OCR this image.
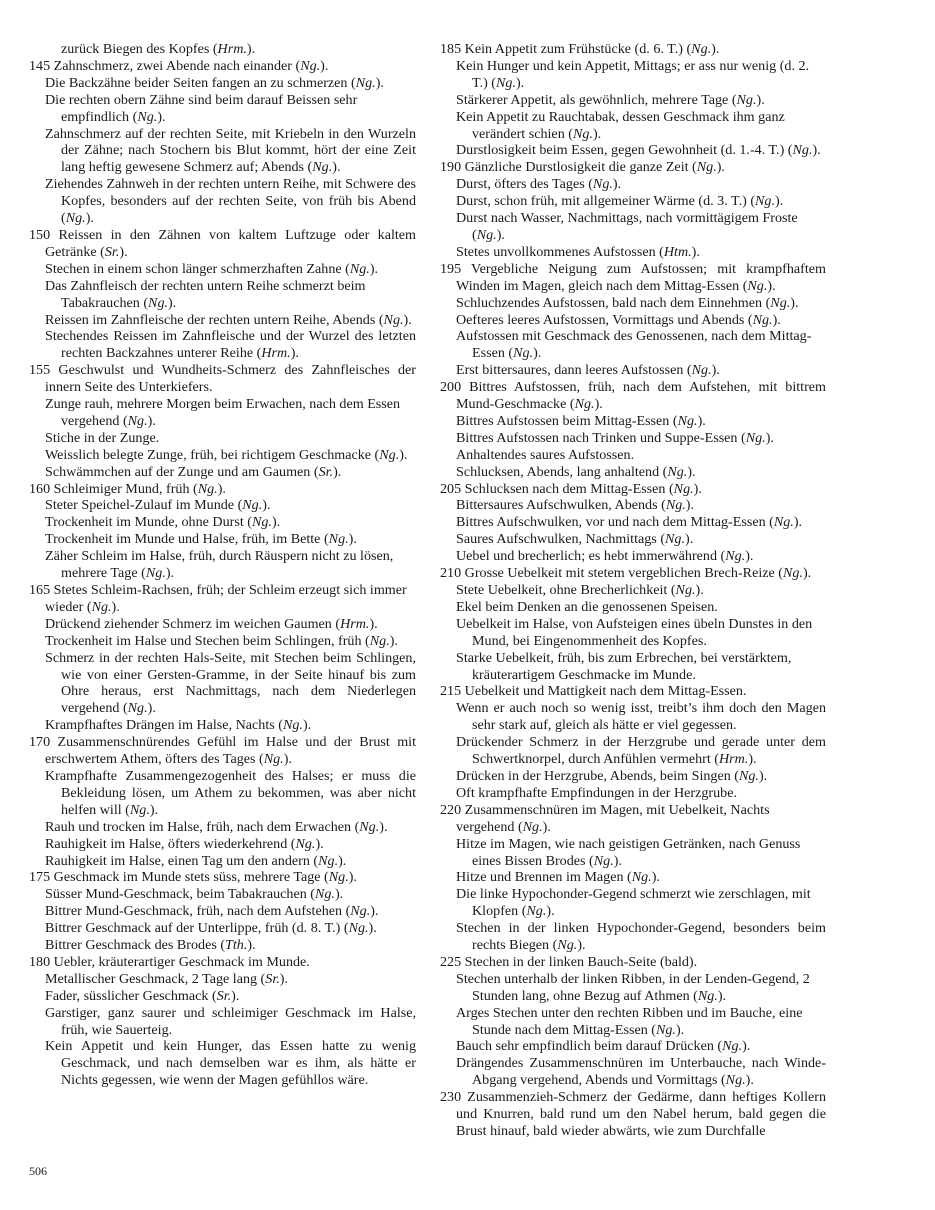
zurück Biegen des Kopfes (Hrm.).

145 Zahnschmerz, zwei Abende nach einander (Ng.).

Die Backzähne beider Seiten fangen an zu schmerzen (Ng.).

Die rechten obern Zähne sind beim darauf Beissen sehr empfindlich (Ng.).

Zahnschmerz auf der rechten Seite, mit Kriebeln in den Wurzeln der Zähne; nach Stochern bis Blut kommt, hört der eine Zeit lang heftig gewesene Schmerz auf; Abends (Ng.).

Ziehendes Zahnweh in der rechten untern Reihe, mit Schwere des Kopfes, besonders auf der rechten Seite, von früh bis Abend (Ng.).

150 Reissen in den Zähnen von kaltem Luftzuge oder kaltem Getränke (Sr.).

Stechen in einem schon länger schmerzhaften Zahne (Ng.).

Das Zahnfleisch der rechten untern Reihe schmerzt beim Tabakrauchen (Ng.).

Reissen im Zahnfleische der rechten untern Reihe, Abends (Ng.).

Stechendes Reissen im Zahnfleische und der Wurzel des letzten rechten Backzahnes unterer Reihe (Hrm.).

155 Geschwulst und Wundheits-Schmerz des Zahnfleisches der innern Seite des Unterkiefers.

Zunge rauh, mehrere Morgen beim Erwachen, nach dem Essen vergehend (Ng.).

Stiche in der Zunge.

Weisslich belegte Zunge, früh, bei richtigem Geschmacke (Ng.).

Schwämmchen auf der Zunge und am Gaumen (Sr.).

160 Schleimiger Mund, früh (Ng.).

Steter Speichel-Zulauf im Munde (Ng.).

Trockenheit im Munde, ohne Durst (Ng.).

Trockenheit im Munde und Halse, früh, im Bette (Ng.).

Zäher Schleim im Halse, früh, durch Räuspern nicht zu lösen, mehrere Tage (Ng.).

165 Stetes Schleim-Rachsen, früh; der Schleim erzeugt sich immer wieder (Ng.).

Drückend ziehender Schmerz im weichen Gaumen (Hrm.).

Trockenheit im Halse und Stechen beim Schlingen, früh (Ng.).

Schmerz in der rechten Hals-Seite, mit Stechen beim Schlingen, wie von einer Gersten-Gramme, in der Seite hinauf bis zum Ohre heraus, erst Nachmittags, nach dem Niederlegen vergehend (Ng.).

Krampfhaftes Drängen im Halse, Nachts (Ng.).

170 Zusammenschnürendes Gefühl im Halse und der Brust mit erschwertem Athem, öfters des Tages (Ng.).

Krampfhafte Zusammengezogenheit des Halses; er muss die Bekleidung lösen, um Athem zu bekommen, was aber nicht helfen will (Ng.).

Rauh und trocken im Halse, früh, nach dem Erwachen (Ng.).

Rauhigkeit im Halse, öfters wiederkehrend (Ng.).

Rauhigkeit im Halse, einen Tag um den andern (Ng.).

175 Geschmack im Munde stets süss, mehrere Tage (Ng.).

Süsser Mund-Geschmack, beim Tabakrauchen (Ng.).

Bittrer Mund-Geschmack, früh, nach dem Aufstehen (Ng.).

Bittrer Geschmack auf der Unterlippe, früh (d. 8. T.) (Ng.).

Bittrer Geschmack des Brodes (Tth.).

180 Uebler, kräuterartiger Geschmack im Munde.

Metallischer Geschmack, 2 Tage lang (Sr.).

Fader, süsslicher Geschmack (Sr.).

Garstiger, ganz saurer und schleimiger Geschmack im Halse, früh, wie Sauerteig.

Kein Appetit und kein Hunger, das Essen hatte zu wenig Geschmack, und nach demselben war es ihm, als hätte er Nichts gegessen, wie wenn der Magen gefühllos wäre.

185 Kein Appetit zum Frühstücke (d. 6. T.) (Ng.).

Kein Hunger und kein Appetit, Mittags; er ass nur wenig (d. 2. T.) (Ng.).

Stärkerer Appetit, als gewöhnlich, mehrere Tage (Ng.).

Kein Appetit zu Rauchtabak, dessen Geschmack ihm ganz verändert schien (Ng.).

Durstlosigkeit beim Essen, gegen Gewohnheit (d. 1.-4. T.) (Ng.).

190 Gänzliche Durstlosigkeit die ganze Zeit (Ng.).

Durst, öfters des Tages (Ng.).

Durst, schon früh, mit allgemeiner Wärme (d. 3. T.) (Ng.).

Durst nach Wasser, Nachmittags, nach vormittägigem Froste (Ng.).

Stetes unvollkommenes Aufstossen (Htm.).

195 Vergebliche Neigung zum Aufstossen; mit krampfhaftem Winden im Magen, gleich nach dem Mittag-Essen (Ng.).

Schluchzendes Aufstossen, bald nach dem Einnehmen (Ng.).

Oefteres leeres Aufstossen, Vormittags und Abends (Ng.).

Aufstossen mit Geschmack des Genossenen, nach dem Mittag-Essen (Ng.).

Erst bittersaures, dann leeres Aufstossen (Ng.).

200 Bittres Aufstossen, früh, nach dem Aufstehen, mit bittrem Mund-Geschmacke (Ng.).

Bittres Aufstossen beim Mittag-Essen (Ng.).

Bittres Aufstossen nach Trinken und Suppe-Essen (Ng.).

Anhaltendes saures Aufstossen.

Schlucksen, Abends, lang anhaltend (Ng.).

205 Schlucksen nach dem Mittag-Essen (Ng.).

Bittersaures Aufschwulken, Abends (Ng.).

Bittres Aufschwulken, vor und nach dem Mittag-Essen (Ng.).

Saures Aufschwulken, Nachmittags (Ng.).

Uebel und brecherlich; es hebt immerwährend (Ng.).

210 Grosse Uebelkeit mit stetem vergeblichen Brech-Reize (Ng.).

Stete Uebelkeit, ohne Brecherlichkeit (Ng.).

Ekel beim Denken an die genossenen Speisen.

Uebelkeit im Halse, von Aufsteigen eines übeln Dunstes in den Mund, bei Eingenommenheit des Kopfes.

Starke Uebelkeit, früh, bis zum Erbrechen, bei verstärktem, kräuterartigem Geschmacke im Munde.

215 Uebelkeit und Mattigkeit nach dem Mittag-Essen.

Wenn er auch noch so wenig isst, treibt’s ihm doch den Magen sehr stark auf, gleich als hätte er viel gegessen.

Drückender Schmerz in der Herzgrube und gerade unter dem Schwertknorpel, durch Anfühlen vermehrt (Hrm.).

Drücken in der Herzgrube, Abends, beim Singen (Ng.).

Oft krampfhafte Empfindungen in der Herzgrube.

220 Zusammenschnüren im Magen, mit Uebelkeit, Nachts vergehend (Ng.).

Hitze im Magen, wie nach geistigen Getränken, nach Genuss eines Bissen Brodes (Ng.).

Hitze und Brennen im Magen (Ng.).

Die linke Hypochonder-Gegend schmerzt wie zerschlagen, mit Klopfen (Ng.).

Stechen in der linken Hypochonder-Gegend, besonders beim rechts Biegen (Ng.).

225 Stechen in der linken Bauch-Seite (bald).

Stechen unterhalb der linken Ribben, in der Lenden-Gegend, 2 Stunden lang, ohne Bezug auf Athmen (Ng.).

Arges Stechen unter den rechten Ribben und im Bauche, eine Stunde nach dem Mittag-Essen (Ng.).

Bauch sehr empfindlich beim darauf Drücken (Ng.).

Drängendes Zusammenschnüren im Unterbauche, nach Winde-Abgang vergehend, Abends und Vormittags (Ng.).

230 Zusammenzieh-Schmerz der Gedärme, dann heftiges Kollern und Knurren, bald rund um den Nabel herum, bald gegen die Brust hinauf, bald wieder abwärts, wie zum Durchfalle

506
